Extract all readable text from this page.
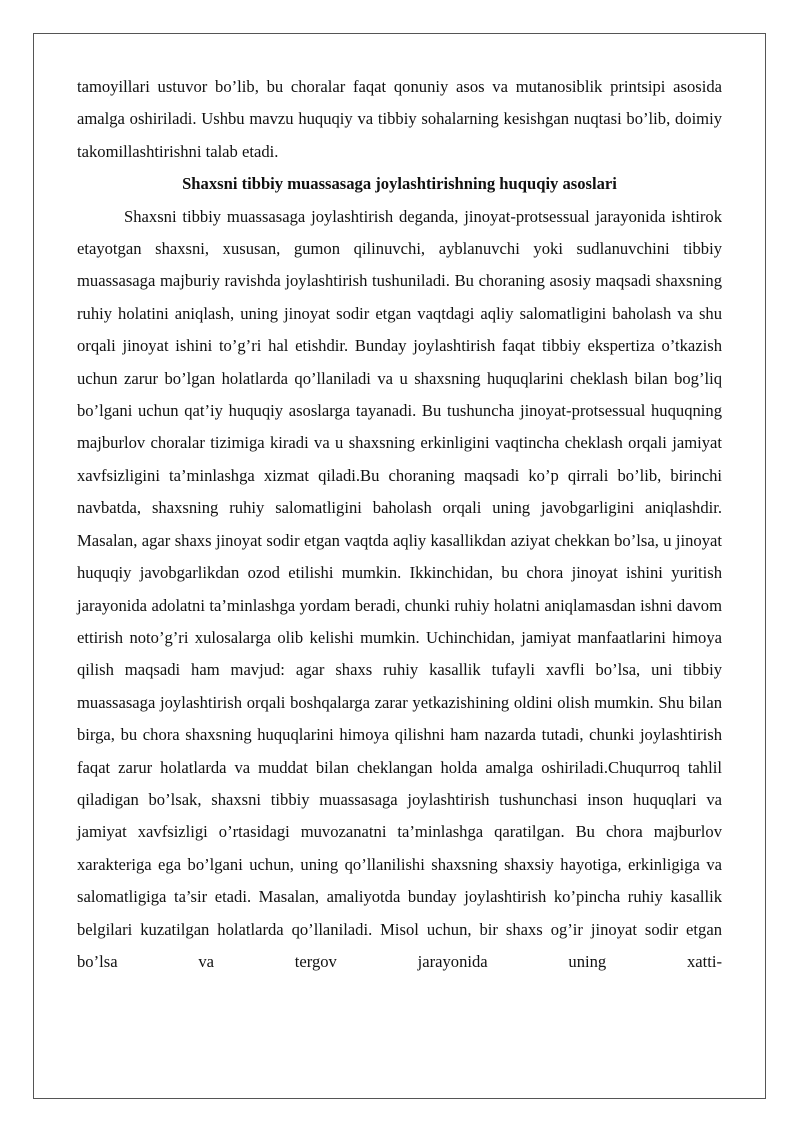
tamoyillari ustuvor bo’lib, bu choralar faqat qonuniy asos va mutanosiblik printsipi asosida amalga oshiriladi. Ushbu mavzu huquqiy va tibbiy sohalarning kesishgan nuqtasi bo’lib, doimiy takomillashtirishni talab etadi.

Shaxsni tibbiy muassasaga joylashtirishning huquqiy asoslari

Shaxsni tibbiy muassasaga joylashtirish deganda, jinoyat-protsessual jarayonida ishtirok etayotgan shaxsni, xususan, gumon qilinuvchi, ayblanuvchi yoki sudlanuvchini tibbiy muassasaga majburiy ravishda joylashtirish tushuniladi. Bu choraning asosiy maqsadi shaxsning ruhiy holatini aniqlash, uning jinoyat sodir etgan vaqtdagi aqliy salomatligini baholash va shu orqali jinoyat ishini to’g’ri hal etishdir. Bunday joylashtirish faqat tibbiy ekspertiza o’tkazish uchun zarur bo’lgan holatlarda qo’llaniladi va u shaxsning huquqlarini cheklash bilan bog’liq bo’lgani uchun qat’iy huquqiy asoslarga tayanadi. Bu tushuncha jinoyat-protsessual huquqning majburlov choralar tizimiga kiradi va u shaxsning erkinligini vaqtincha cheklash orqali jamiyat xavfsizligini ta’minlashga xizmat qiladi.Bu choraning maqsadi ko’p qirrali bo’lib, birinchi navbatda, shaxsning ruhiy salomatligini baholash orqali uning javobgarligini aniqlashdir. Masalan, agar shaxs jinoyat sodir etgan vaqtda aqliy kasallikdan aziyat chekkan bo’lsa, u jinoyat huquqiy javobgarlikdan ozod etilishi mumkin. Ikkinchidan, bu chora jinoyat ishini yuritish jarayonida adolatni ta’minlashga yordam beradi, chunki ruhiy holatni aniqlamasdan ishni davom ettirish noto’g’ri xulosalarga olib kelishi mumkin. Uchinchidan, jamiyat manfaatlarini himoya qilish maqsadi ham mavjud: agar shaxs ruhiy kasallik tufayli xavfli bo’lsa, uni tibbiy muassasaga joylashtirish orqali boshqalarga zarar yetkazishining oldini olish mumkin. Shu bilan birga, bu chora shaxsning huquqlarini himoya qilishni ham nazarda tutadi, chunki joylashtirish faqat zarur holatlarda va muddat bilan cheklangan holda amalga oshiriladi.Chuqurroq tahlil qiladigan bo’lsak, shaxsni tibbiy muassasaga joylashtirish tushunchasi inson huquqlari va jamiyat xavfsizligi o’rtasidagi muvozanatni ta’minlashga qaratilgan. Bu chora majburlov xarakteriga ega bo’lgani uchun, uning qo’llanilishi shaxsning shaxsiy hayotiga, erkinligiga va salomatligiga ta’sir etadi. Masalan, amaliyotda bunday joylashtirish ko’pincha ruhiy kasallik belgilari kuzatilgan holatlarda qo’llaniladi. Misol uchun, bir shaxs og’ir jinoyat sodir etgan bo’lsa va tergov jarayonida uning xatti-
